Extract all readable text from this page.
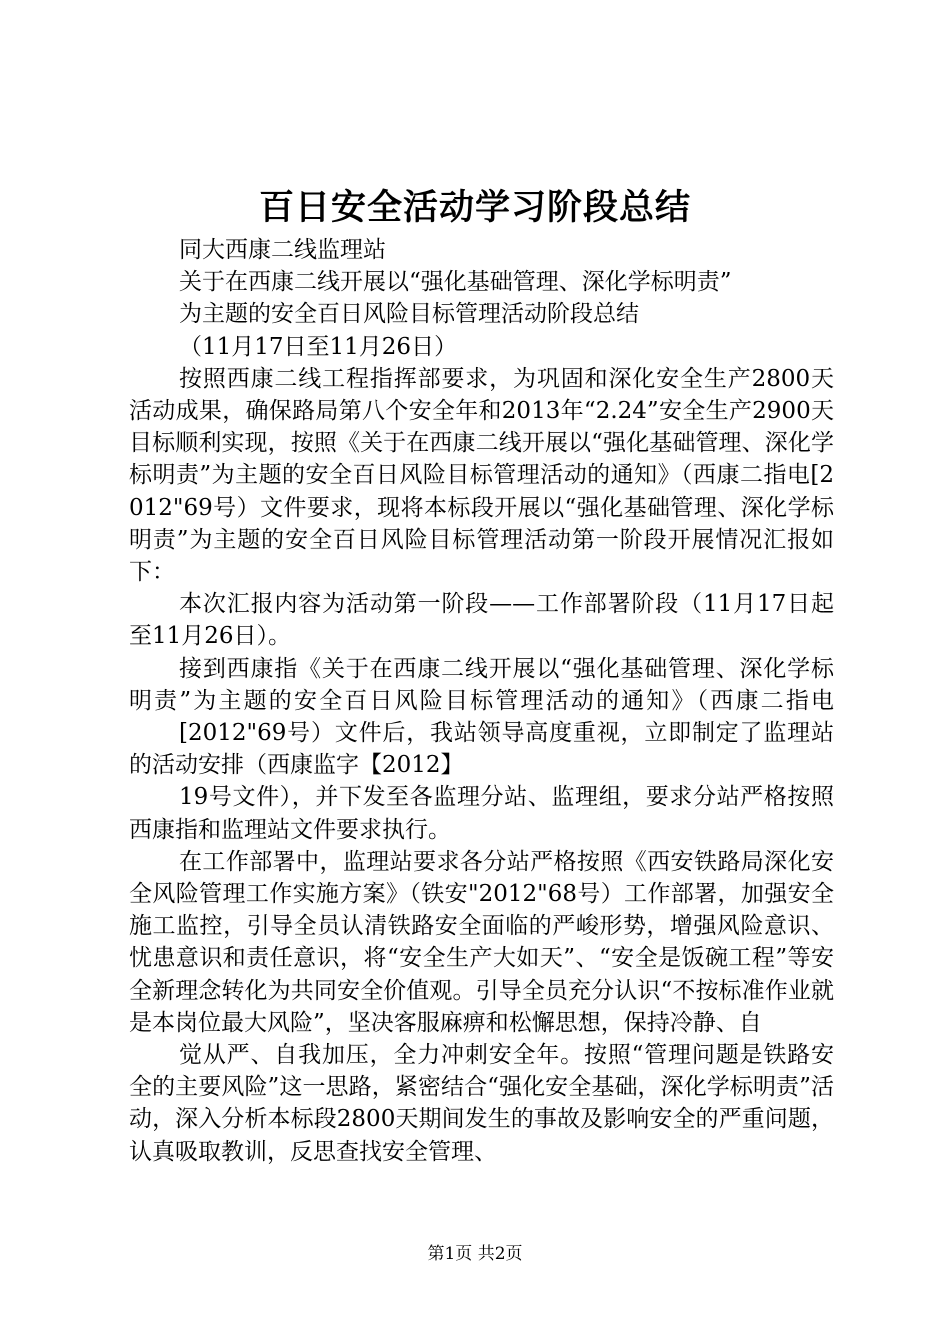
百日安全活动学习阶段总结

同大西康二线监理站

关于在西康二线开展以“强化基础管理、深化学标明责”

为主题的安全百日风险目标管理活动阶段总结

（11月17日至11月26日）

按照西康二线工程指挥部要求，为巩固和深化安全生产2800天活动成果，确保路局第八个安全年和2013年“2.24”安全生产2900天目标顺利实现，按照《关于在西康二线开展以“强化基础管理、深化学标明责”为主题的安全百日风险目标管理活动的通知》（西康二指电[2012"69号）文件要求，现将本标段开展以“强化基础管理、深化学标明责”为主题的安全百日风险目标管理活动第一阶段开展情况汇报如下：

本次汇报内容为活动第一阶段——工作部署阶段（11月17日起至11月26日）。

接到西康指《关于在西康二线开展以“强化基础管理、深化学标明责”为主题的安全百日风险目标管理活动的通知》（西康二指电

[2012"69号）文件后，我站领导高度重视，立即制定了监理站的活动安排（西康监字【2012】

19号文件），并下发至各监理分站、监理组，要求分站严格按照西康指和监理站文件要求执行。

在工作部署中，监理站要求各分站严格按照《西安铁路局深化安全风险管理工作实施方案》（铁安"2012"68号）工作部署，加强安全施工监控，引导全员认清铁路安全面临的严峻形势，增强风险意识、忧患意识和责任意识，将“安全生产大如天”、“安全是饭碗工程”等安全新理念转化为共同安全价值观。引导全员充分认识“不按标准作业就是本岗位最大风险”，坚决客服麻痹和松懈思想，保持冷静、自

觉从严、自我加压，全力冲刺安全年。按照“管理问题是铁路安全的主要风险”这一思路，紧密结合“强化安全基础，深化学标明责”活动，深入分析本标段2800天期间发生的事故及影响安全的严重问题，认真吸取教训，反思查找安全管理、

第1页 共2页
